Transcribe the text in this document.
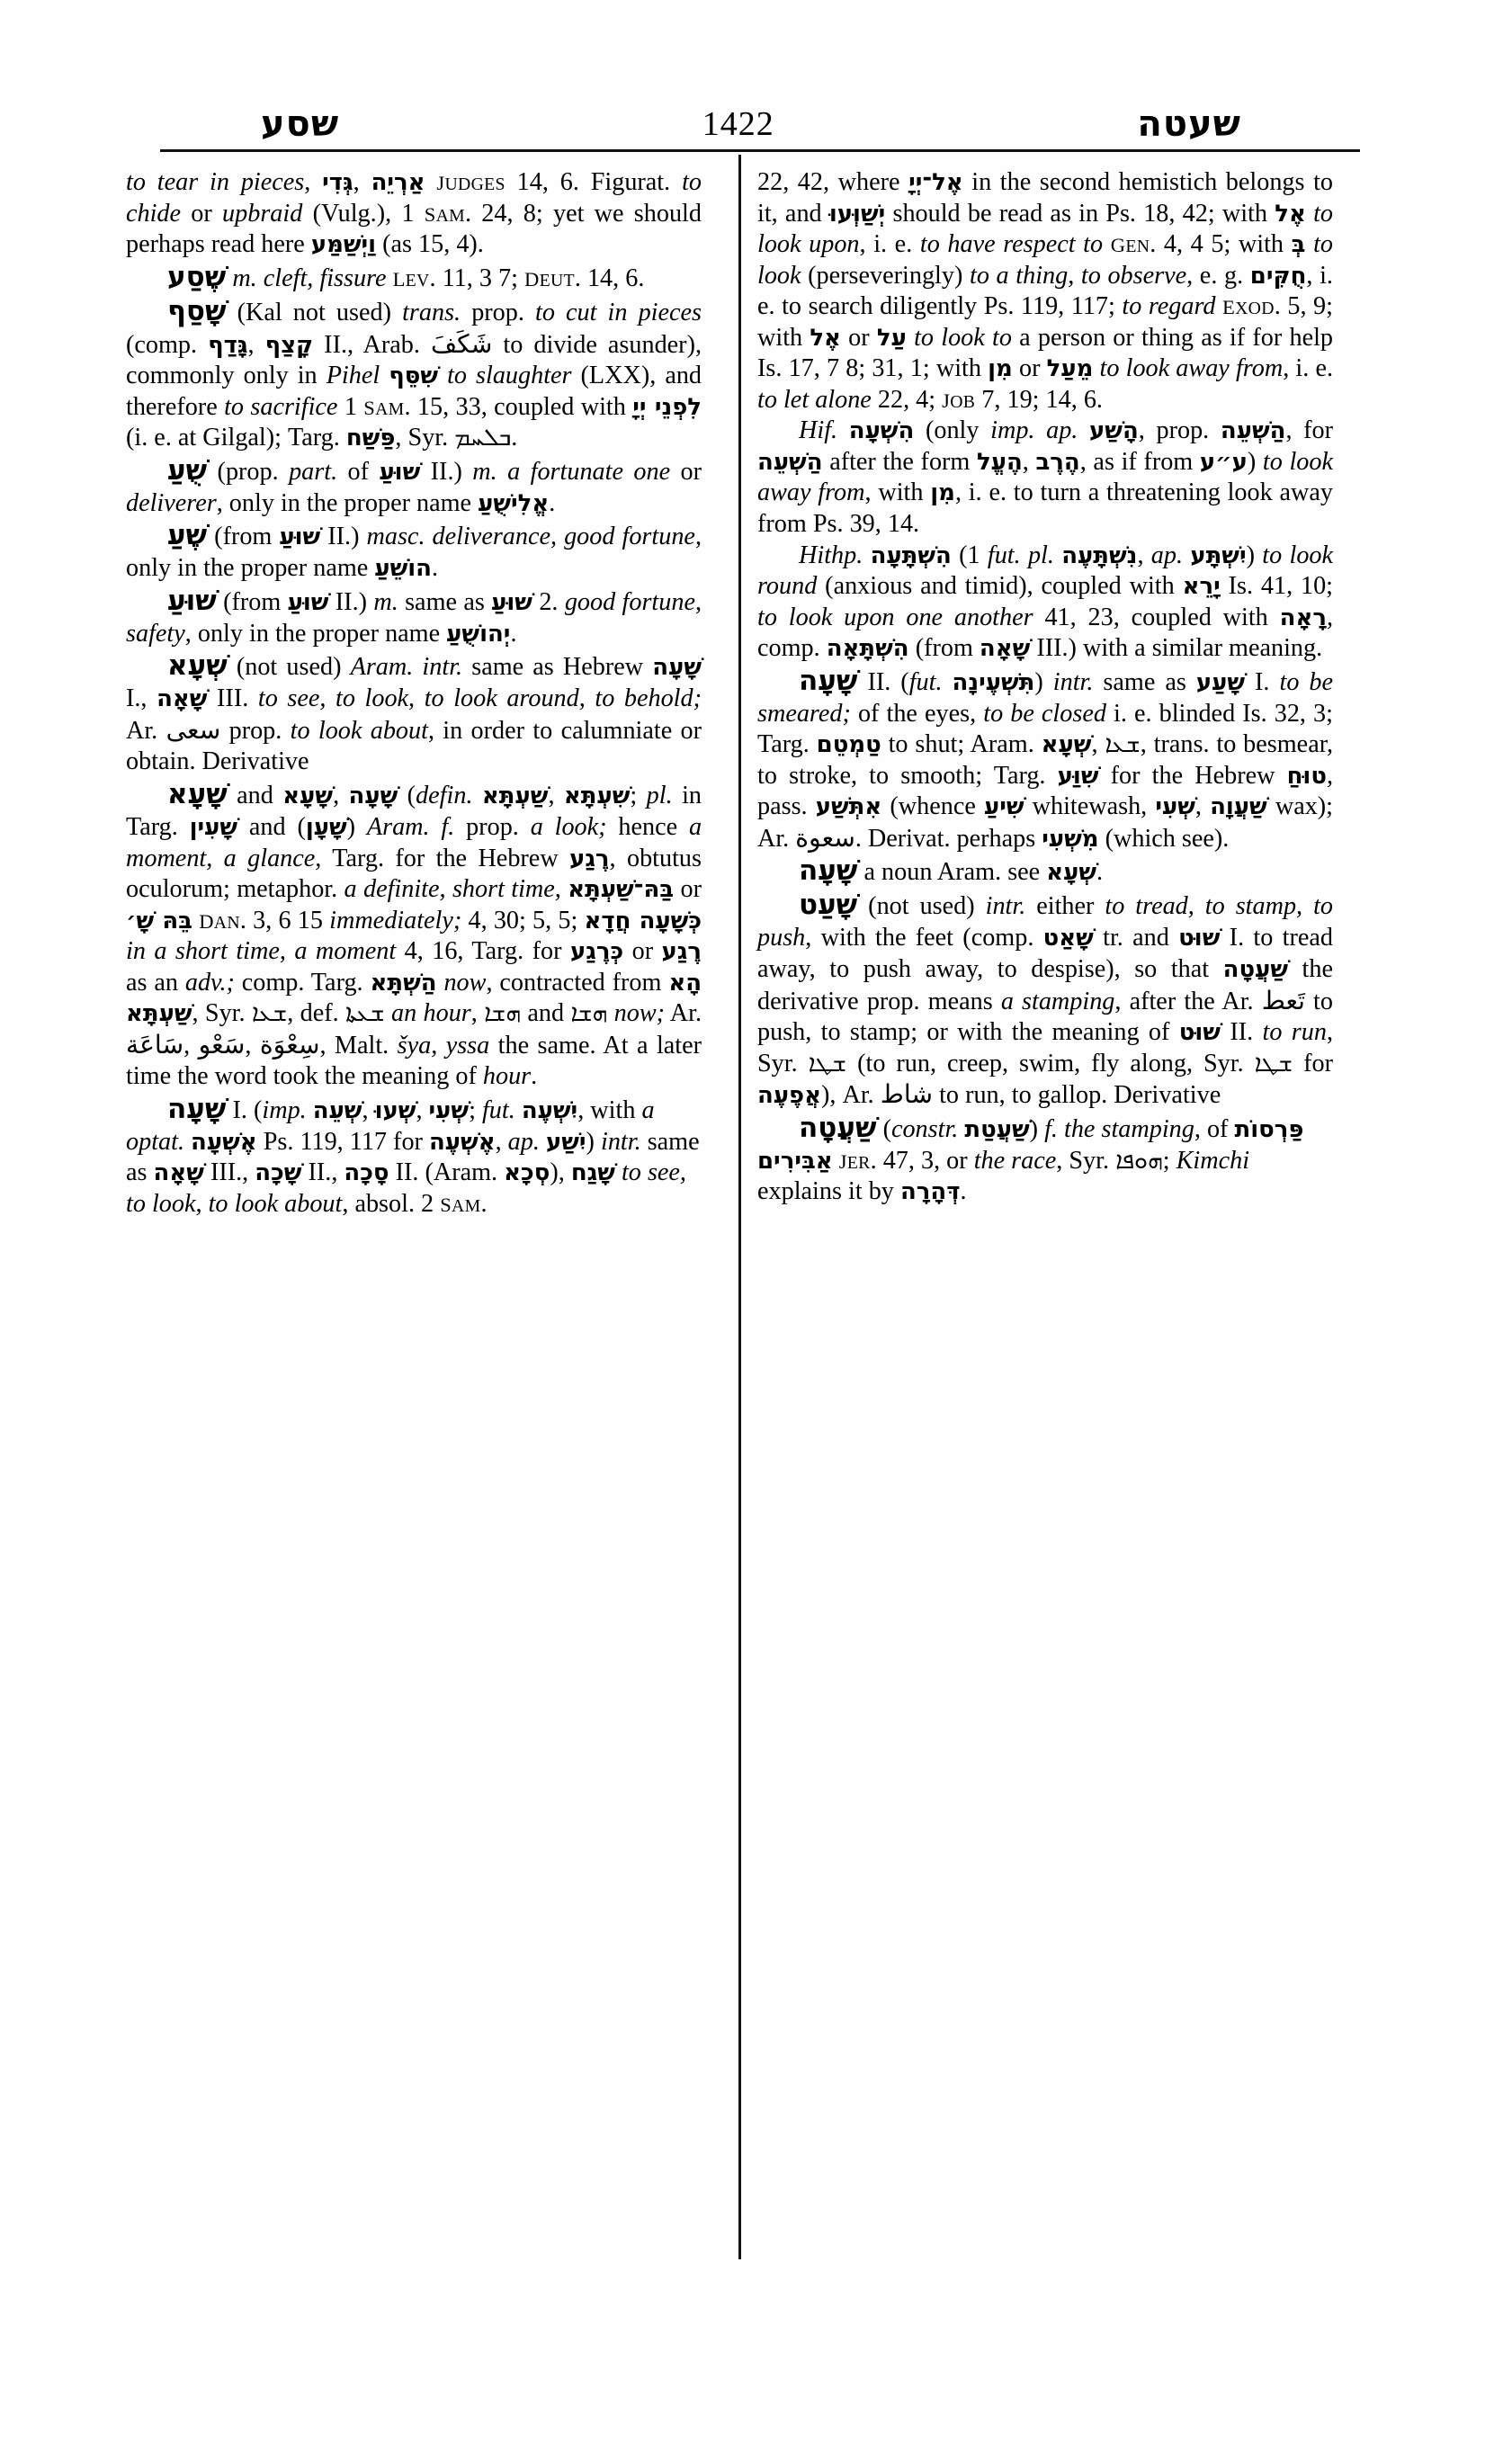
שסע	1422	שעטה

to tear in pieces, גְּדִי, אַרְיֵה JUDGES 14, 6. Figurat. to chide or upbraid (Vulg.), 1 SAM. 24, 8; yet we should perhaps read here וַיְשַׁמַּע (as 15, 4).

שֶׁסַע m. cleft, fissure LEV. 11, 3 7; DEUT. 14, 6.

שָׁסַף (Kal not used) trans. prop. to cut in pieces (comp. גָּדַף, קָצַף II., Arab. شَكَفَ to divide asunder), commonly only in Pihel שִׁסֵּף to slaughter (LXX), and therefore to sacrifice 1 SAM. 15, 33, coupled with לִפְנֵי יְיָ (i. e. at Gilgal); Targ. פַּשַּׁח, Syr. ܒܠܚܡ.

שֻׁעַ (prop. part. of שׁוּעַ II.) m. a fortunate one or deliverer, only in the proper name אֱלִישֻׁעַ.

שֶׁעַ (from שׁוּעַ II.) masc. deliverance, good fortune, only in the proper name הוֹשֵׁעַ.

שׁוּעַ (from שׁוּעַ II.) m. same as שׁוּעַ 2. good fortune, safety, only in the proper name יְהוֹשֻׁעַ.

שְׁעָא (not used) Aram. intr. same as Hebrew שָׁעָה I., שָׁאָה III. to see, to look, to look around, to behold; Ar. سعى prop. to look about, in order to calumniate or obtain. Derivative

שָׁעָא and שָׁעָא, שָׁעָה (defin. שַׁעְתָּא, שִׁעְתָּא; pl. in Targ. שָׁעִין and (שָׁעָן) Aram. f. prop. a look; hence a moment, a glance, Targ. for the Hebrew רֶגַע, obtutus oculorum; metaphor. a definite, short time, בַּהּ־שַׁעְתָּא or בֵּהּ שָׁ׳ DAN. 3, 6 15 immediately; 4, 30; 5, 5; כְּשָׁעָה חֲדָא in a short time, a moment 4, 16, Targ. for כְּרֶגַע or רֶגַע as an adv.; comp. Targ. הַשְׁתָּא now, contracted from הָא שַׁעְתָּא, Syr. ܫܥܐ, def. ܫܥܬܐ an hour, ܗܫܐ and ܗܫܐ now; Ar. سَاعَة, سَعْو, سِعْوَة, Malt. šya, yssa the same. At a later time the word took the meaning of hour.

שָׁעָה I. (imp. שְׁעֵה, שְׁעוּ, שְׁעִי; fut. יִשְׁעֶה, with a optat. אֶשְׁעָה Ps. 119, 117 for אֶשְׁעֶה, ap. יִשַׁע) intr. same as שָׁאָה III., שָׁכָה II., סָכָה II. (Aram. סְכָא), שָׁגַח to see, to look, to look about, absol. 2 SAM.

22, 42, where אֶל־יְיָ in the second hemistich belongs to it, and יְשַׁוְּעוּ should be read as in Ps. 18, 42; with אֶל to look upon, i. e. to have respect to GEN. 4, 4 5; with בְּ to look (perseveringly) to a thing, to observe, e. g. חֻקִּים, i. e. to search diligently Ps. 119, 117; to regard EXOD. 5, 9; with אֶל or עַל to look to a person or thing as if for help Is. 17, 7 8; 31, 1; with מִן or מֵעַל to look away from, i. e. to let alone 22, 4; JOB 7, 19; 14, 6.

Hif. הִשְׁעָה (only imp. ap. הָשַׁע, prop. הַשְׁעֵה, for הַשְׁעֵה after the form הֶעֱל, הֶרֶב, as if from ע״ע) to look away from, with מִן, i. e. to turn a threatening look away from Ps. 39, 14.

Hithp. הִשְׁתָּעָה (1 fut. pl. נִשְׁתָּעֶה, ap. יִשְׁתָּע) to look round (anxious and timid), coupled with יָרֵא Is. 41, 10; to look upon one another 41, 23, coupled with רָאָה, comp. הִשְׁתָּאָה (from שָׁאָה III.) with a similar meaning.

שָׁעָה II. (fut. תִּשְׁעֶינָה) intr. same as שָׁעַע I. to be smeared; of the eyes, to be closed i. e. blinded Is. 32, 3; Targ. טַמְטֵם to shut; Aram. שְׁעָא, ܫܥܐ, trans. to besmear, to stroke, to smooth; Targ. שִׁוַּע for the Hebrew טוּחַ, pass. אִתְּשַׁע (whence שִׁיעַ whitewash, שְׁעִי, שַׁעֲוָה wax); Ar. سعوة. Derivat. perhaps מִשְׁעִי (which see).

שָׁעָה a noun Aram. see שְׁעָא.

שָׁעַט (not used) intr. either to tread, to stamp, to push, with the feet (comp. שָׁאַט tr. and שׁוּט I. to tread away, to push away, to despise), so that שַׁעֲטָה the derivative prop. means a stamping, after the Ar. تَعط to push, to stamp; or with the meaning of שׁוּט II. to run, Syr. ܫܛܐ (to run, creep, swim, fly along, Syr. ܫܛܐ for אֲפֶעֶה), Ar. شاط to run, to gallop. Derivative

שַׁעֲטָה (constr. שַׁעֲטַת) f. the stamping, of פַּרְסוֹת אַבִּירִים JER. 47, 3, or the race, Syr. ܗܘܦܐ; Kimchi explains it by דְּהָרָה.
